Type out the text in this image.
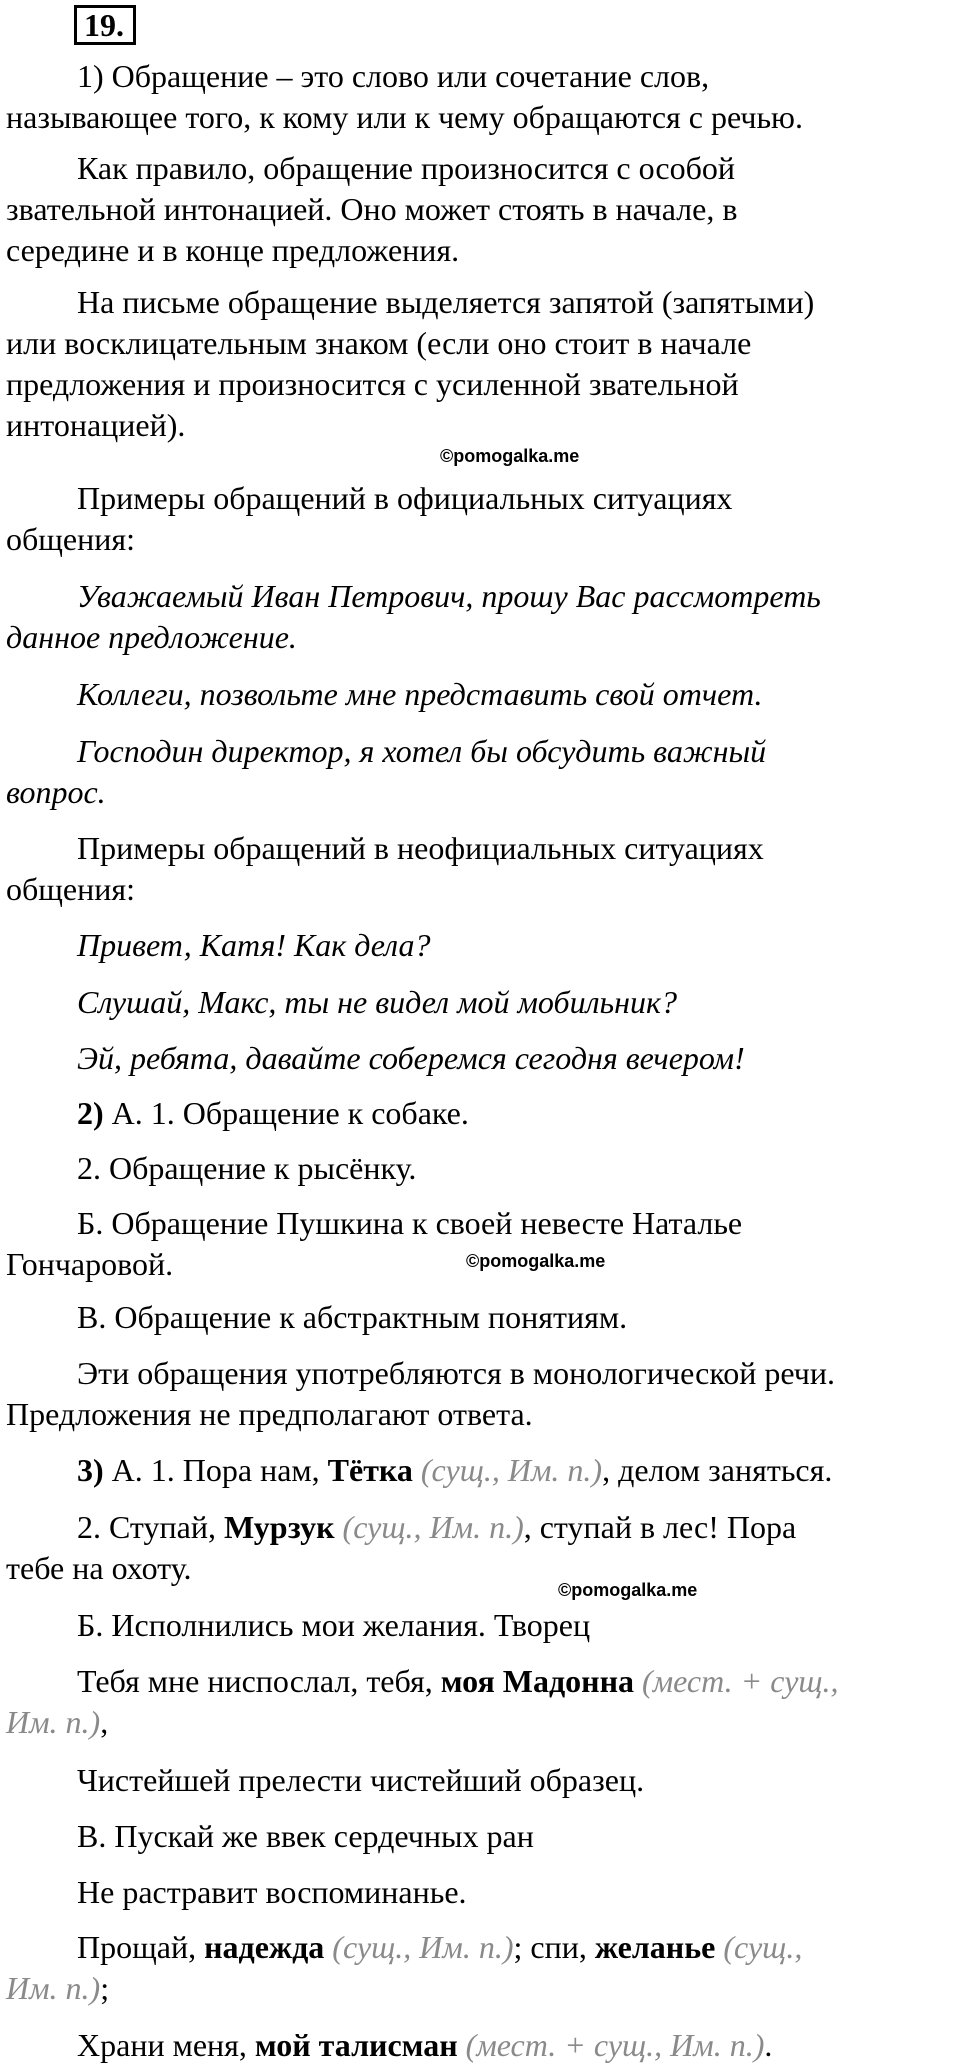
19.
1) Обращение – это слово или сочетание слов,
называющее того, к кому или к чему обращаются с речью.
Как правило, обращение произносится с особой
звательной интонацией. Оно может стоять в начале, в
середине и в конце предложения.
На письме обращение выделяется запятой (запятыми)
или восклицательным знаком (если оно стоит в начале
предложения и произносится с усиленной звательной
интонацией).
©pomogalka.me
Примеры обращений в официальных ситуациях
общения:
Уважаемый Иван Петрович, прошу Вас рассмотреть
данное предложение.
Коллеги, позвольте мне представить свой отчет.
Господин директор, я хотел бы обсудить важный
вопрос.
Примеры обращений в неофициальных ситуациях
общения:
Привет, Катя! Как дела?
Слушай, Макс, ты не видел мой мобильник?
Эй, ребята, давайте соберемся сегодня вечером!
2) А. 1. Обращение к собаке.
2. Обращение к рысёнку.
Б. Обращение Пушкина к своей невесте Наталье
Гончаровой.	©pomogalka.me
В. Обращение к абстрактным понятиям.
Эти обращения употребляются в монологической речи.
Предложения не предполагают ответа.
3) А. 1. Пора нам, Тётка (сущ., Им. п.), делом заняться.
2. Ступай, Мурзук (сущ., Им. п.), ступай в лес! Пора
тебе на охоту.
©pomogalka.me
Б. Исполнились мои желания. Творец
Тебя мне ниспослал, тебя, моя Мадонна (мест. + сущ.,
Им. п.),
Чистейшей прелести чистейший образец.
В. Пускай же ввек сердечных ран
Не растравит воспоминанье.
Прощай, надежда (сущ., Им. п.); спи, желанье (сущ.,
Им. п.);
Храни меня, мой талисман (мест. + сущ., Им. п.).
